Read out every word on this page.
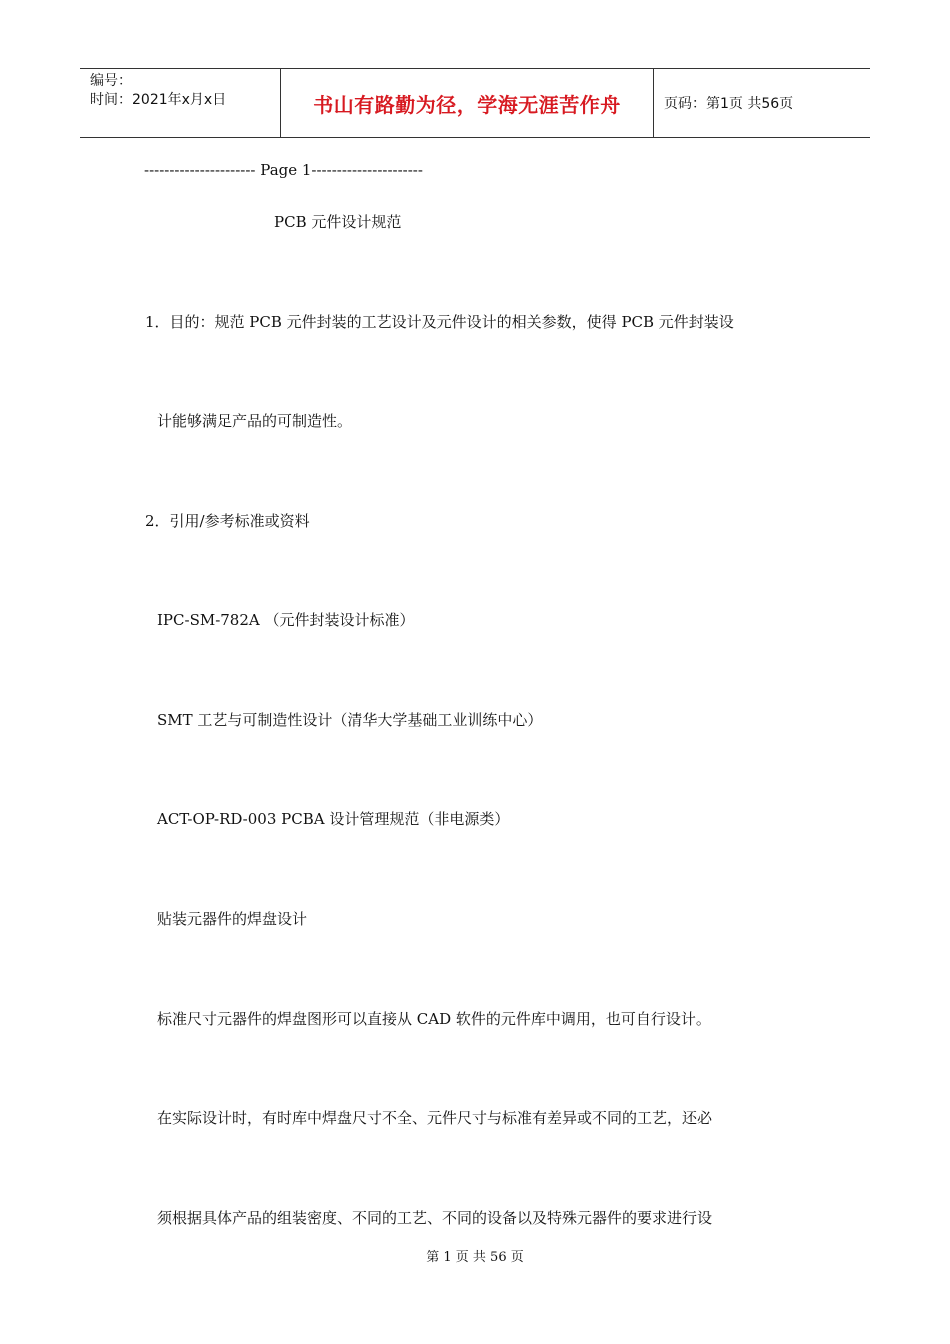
编号：
时间：2021年x月x日	书山有路勤为径，学海无涯苦作舟	页码：第1页 共56页
---------------------- Page 1----------------------
PCB 元件设计规范
1．目的：规范 PCB 元件封装的工艺设计及元件设计的相关参数，使得 PCB 元件封装设
计能够满足产品的可制造性。
2．引用/参考标准或资料
IPC-SM-782A （元件封装设计标准）
SMT 工艺与可制造性设计（清华大学基础工业训练中心）
ACT-OP-RD-003 PCBA 设计管理规范（非电源类）
贴装元器件的焊盘设计
标准尺寸元器件的焊盘图形可以直接从 CAD 软件的元件库中调用，也可自行设计。
在实际设计时，有时库中焊盘尺寸不全、元件尺寸与标准有差异或不同的工艺，还必
须根据具体产品的组装密度、不同的工艺、不同的设备以及特殊元器件的要求进行设
第 1 页 共 56 页
